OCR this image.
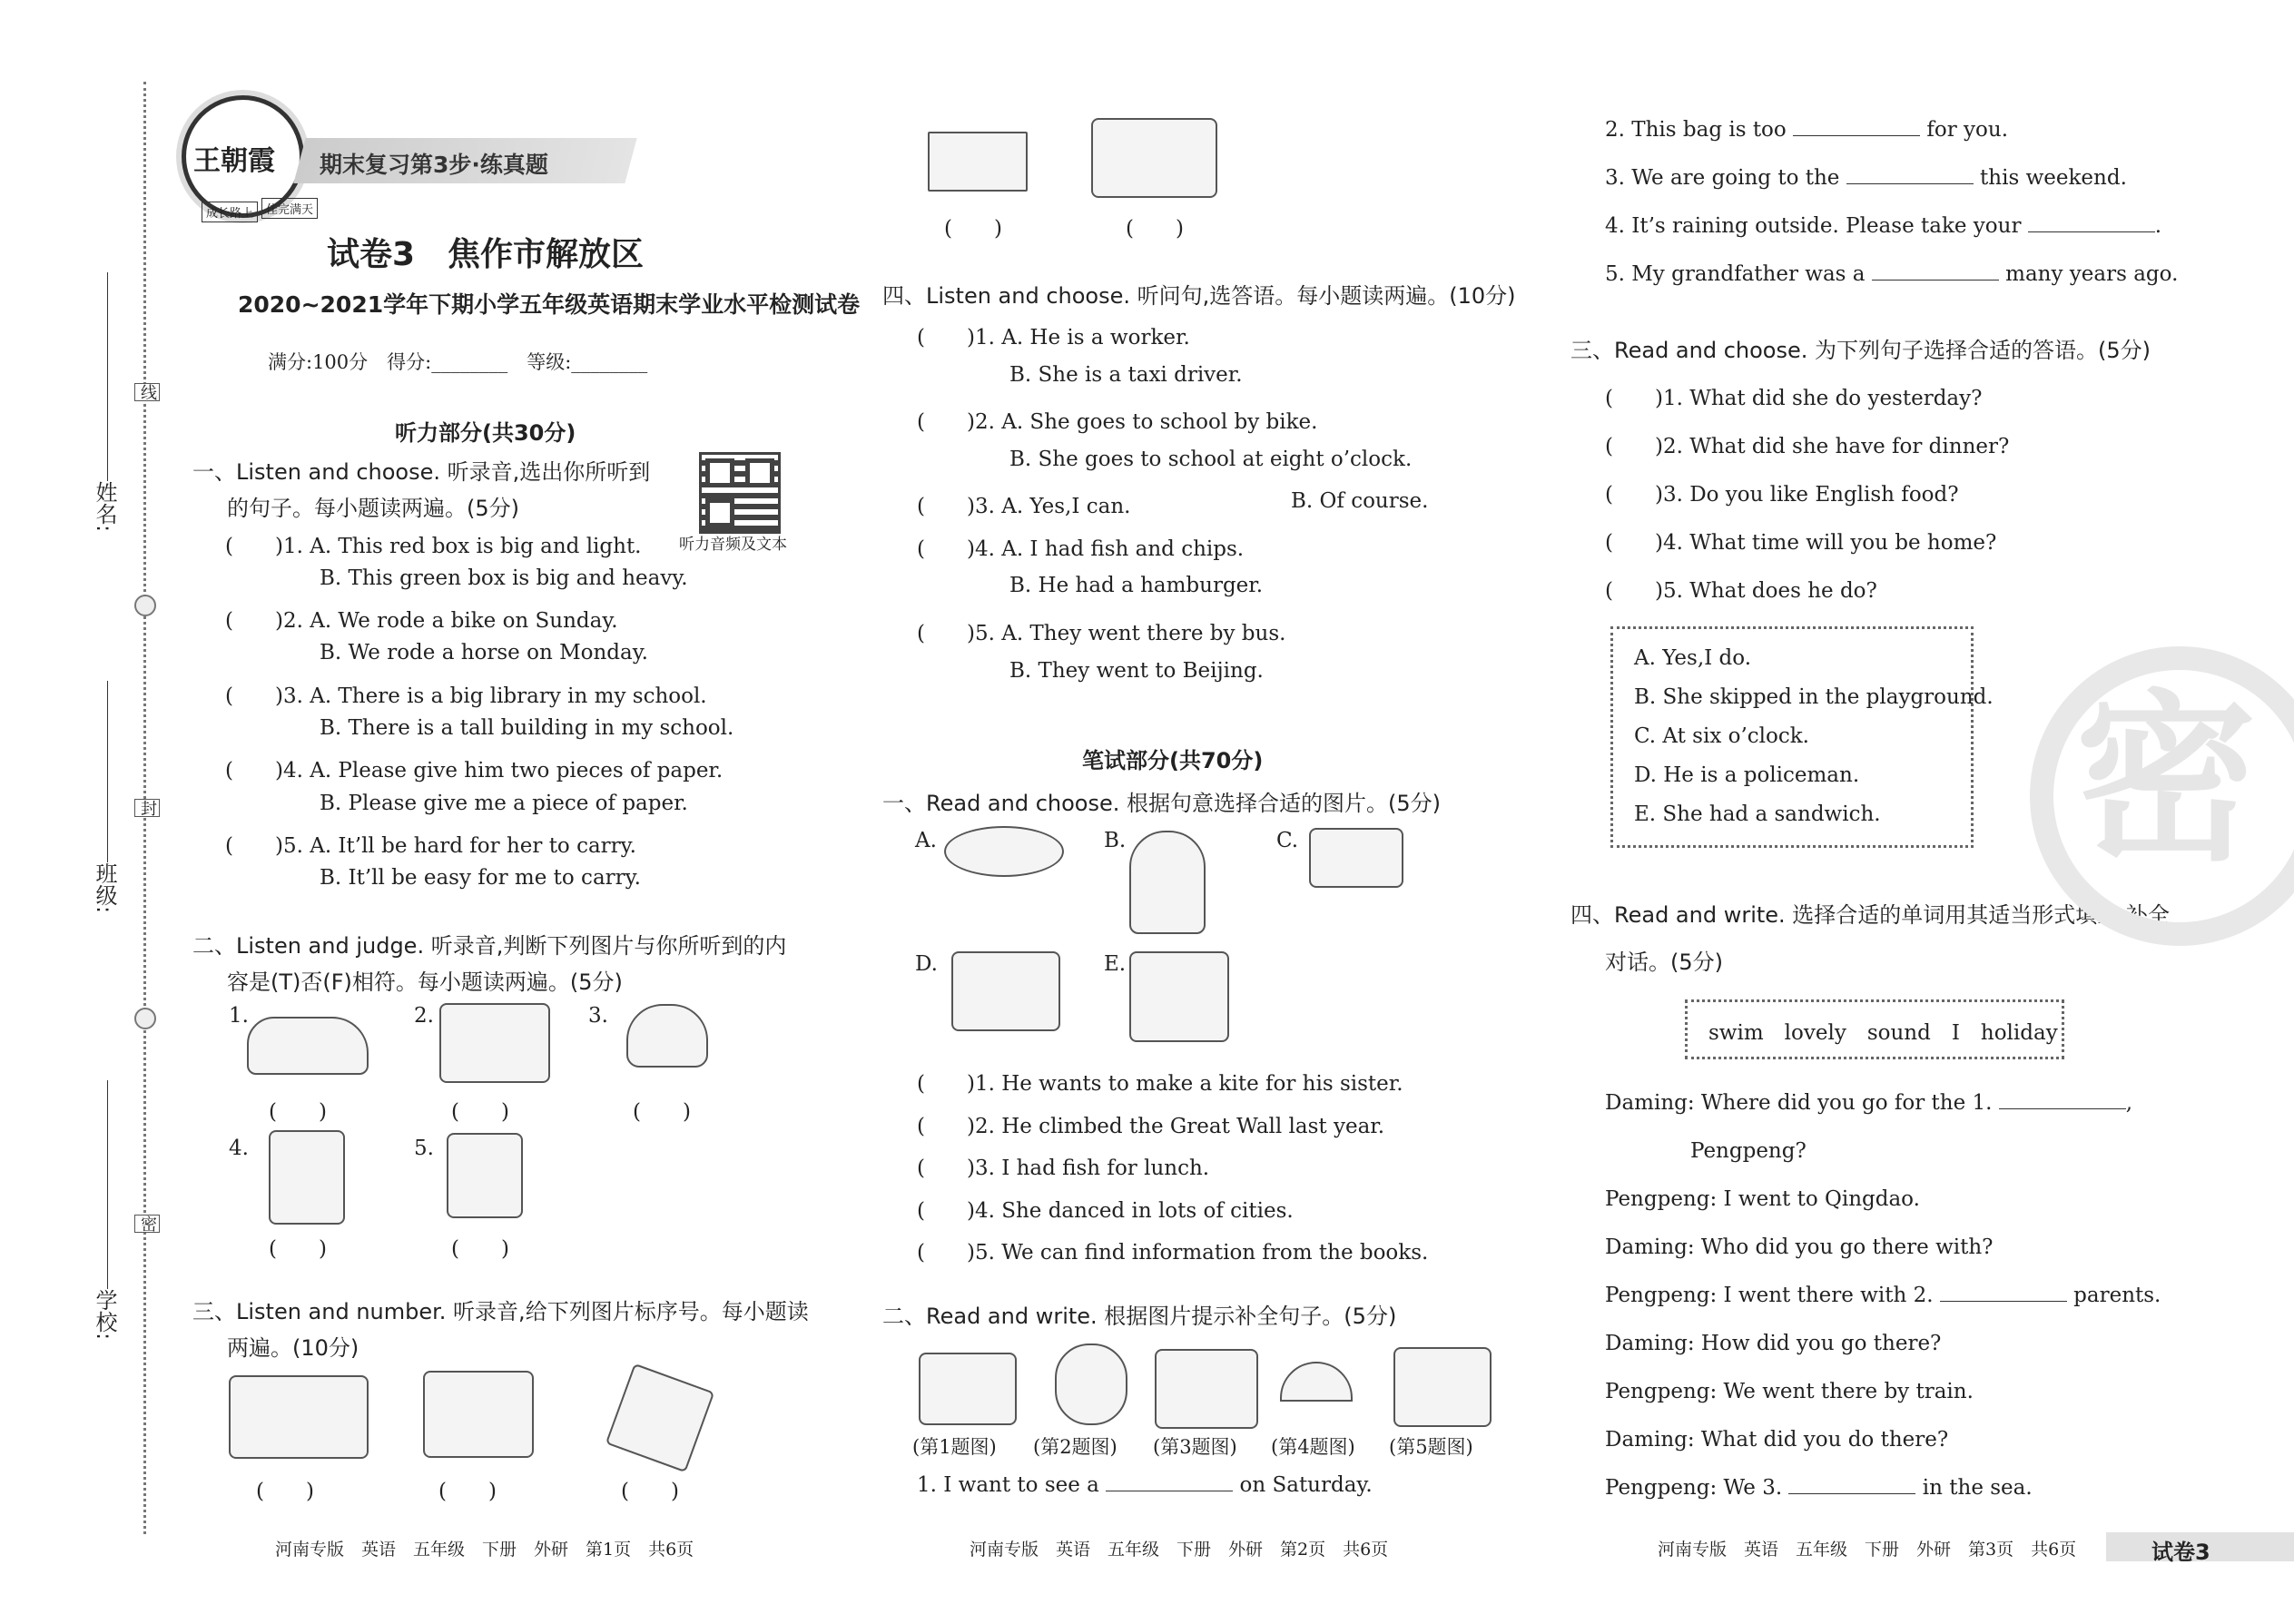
姓名:
班级:
学校:
线
封
密
王朝霞 期末复习第3步·练真题
成长路上	佳完满天
试卷3　焦作市解放区
2020~2021学年下期小学五年级英语期末学业水平检测试卷
满分:100分　得分:________　等级:________
听力部分(共30分)
一、Listen and choose. 听录音,选出你所听到
的句子。每小题读两遍。(5分)
听力音频及文本
(　　)1. A. This red box is big and light.
B. This green box is big and heavy.
(　　)2. A. We rode a bike on Sunday.
B. We rode a horse on Monday.
(　　)3. A. There is a big library in my school.
B. There is a tall building in my school.
(　　)4. A. Please give him two pieces of paper.
B. Please give me a piece of paper.
(　　)5. A. It’ll be hard for her to carry.
B. It’ll be easy for me to carry.
二、Listen and judge. 听录音,判断下列图片与你所听到的内
容是(T)否(F)相符。每小题读两遍。(5分)
1.
(　　)
2.
(　　)
3.
(　　)
4.
(　　)
5.
(　　)
三、Listen and number. 听录音,给下列图片标序号。每小题读
两遍。(10分)
(　　)	(　　)	(　　)
河南专版　英语　五年级　下册　外研　第1页　共6页
(　　)	(　　)
四、Listen and choose. 听问句,选答语。每小题读两遍。(10分)
(　　)1. A. He is a worker.
B. She is a taxi driver.
(　　)2. A. She goes to school by bike.
B. She goes to school at eight o’clock.
(　　)3. A. Yes,I can.	B. Of course.
(　　)4. A. I had fish and chips.
B. He had a hamburger.
(　　)5. A. They went there by bus.
B. They went to Beijing.
笔试部分(共70分)
一、Read and choose. 根据句意选择合适的图片。(5分)
A.	B.	C.
D.	E.
(　　)1. He wants to make a kite for his sister.
(　　)2. He climbed the Great Wall last year.
(　　)3. I had fish for lunch.
(　　)4. She danced in lots of cities.
(　　)5. We can find information from the books.
二、Read and write. 根据图片提示补全句子。(5分)
(第1题图) (第2题图) (第3题图) (第4题图) (第5题图)
1. I want to see a	on Saturday.
河南专版　英语　五年级　下册　外研　第2页　共6页
2. This bag is too	for you.
3. We are going to the	this weekend.
4. It’s raining outside. Please take your	.
5. My grandfather was a	many years ago.
三、Read and choose. 为下列句子选择合适的答语。(5分)
(　　)1. What did she do yesterday?
(　　)2. What did she have for dinner?
(　　)3. Do you like English food?
(　　)4. What time will you be home?
(　　)5. What does he do?
A. Yes,I do.
B. She skipped in the playground.
C. At six o’clock.
D. He is a policeman.
E. She had a sandwich.
四、Read and write. 选择合适的单词用其适当形式填空,补全
对话。(5分)
swim　lovely　sound　I　holiday
Daming: Where did you go for the 1.	,
Pengpeng?
Pengpeng: I went to Qingdao.
Daming: Who did you go there with?
Pengpeng: I went there with 2.	parents.
Daming: How did you go there?
Pengpeng: We went there by train.
Daming: What did you do there?
Pengpeng: We 3.	in the sea.
河南专版　英语　五年级　下册　外研　第3页　共6页	试卷3
密
